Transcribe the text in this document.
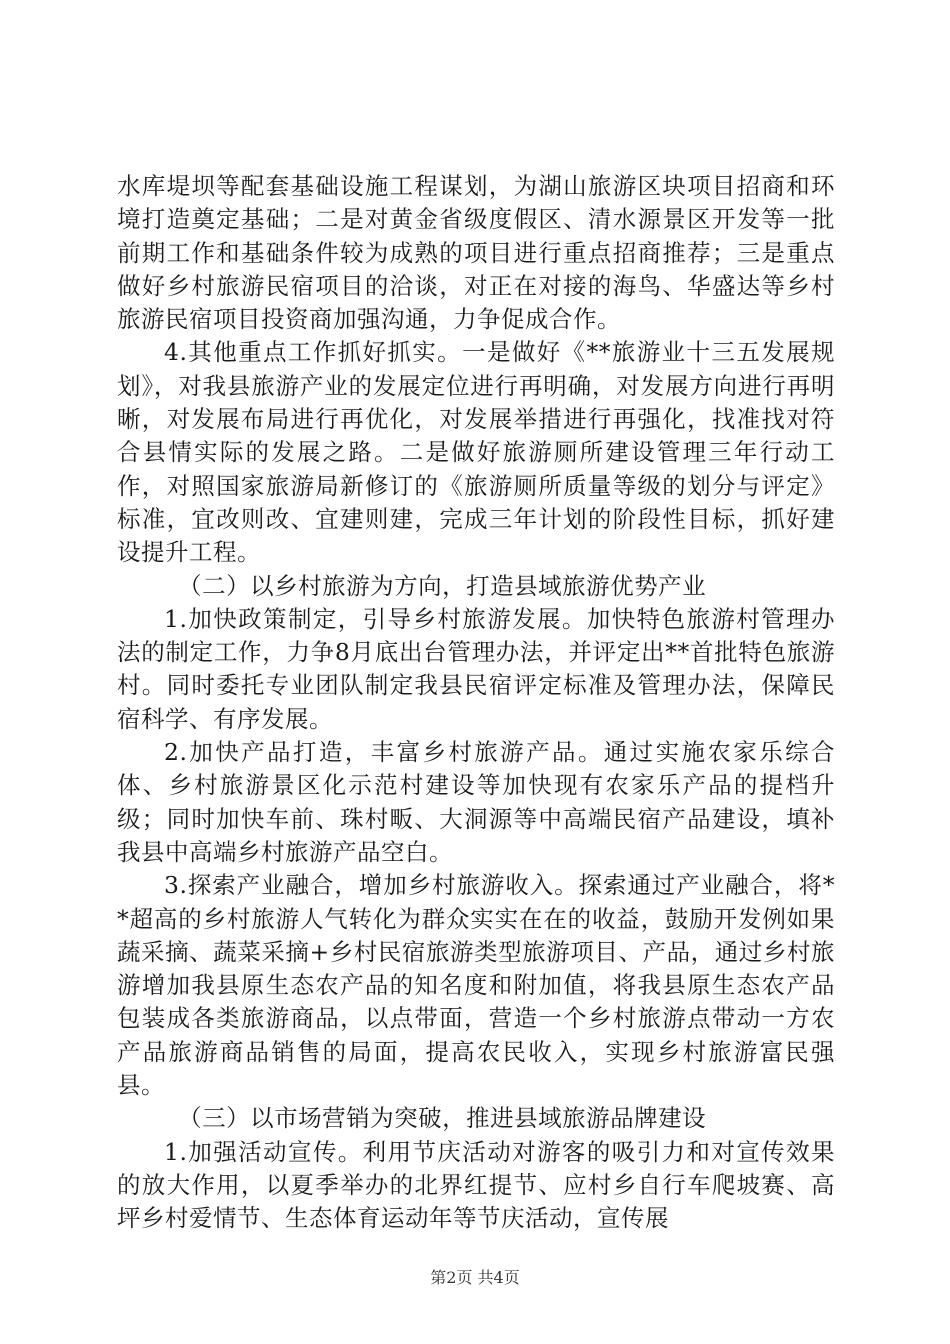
水库堤坝等配套基础设施工程谋划，为湖山旅游区块项目招商和环境打造奠定基础；二是对黄金省级度假区、清水源景区开发等一批前期工作和基础条件较为成熟的项目进行重点招商推荐；三是重点做好乡村旅游民宿项目的洽谈，对正在对接的海鸟、华盛达等乡村旅游民宿项目投资商加强沟通，力争促成合作。

4.其他重点工作抓好抓实。一是做好《**旅游业十三五发展规划》，对我县旅游产业的发展定位进行再明确，对发展方向进行再明晰，对发展布局进行再优化，对发展举措进行再强化，找准找对符合县情实际的发展之路。二是做好旅游厕所建设管理三年行动工作，对照国家旅游局新修订的《旅游厕所质量等级的划分与评定》标准，宜改则改、宜建则建，完成三年计划的阶段性目标，抓好建设提升工程。

（二）以乡村旅游为方向，打造县域旅游优势产业

1.加快政策制定，引导乡村旅游发展。加快特色旅游村管理办法的制定工作，力争8月底出台管理办法，并评定出**首批特色旅游村。同时委托专业团队制定我县民宿评定标准及管理办法，保障民宿科学、有序发展。

2.加快产品打造，丰富乡村旅游产品。通过实施农家乐综合体、乡村旅游景区化示范村建设等加快现有农家乐产品的提档升级；同时加快车前、珠村畈、大洞源等中高端民宿产品建设，填补我县中高端乡村旅游产品空白。

3.探索产业融合，增加乡村旅游收入。探索通过产业融合，将**超高的乡村旅游人气转化为群众实实在在的收益，鼓励开发例如果蔬采摘、蔬菜采摘+乡村民宿旅游类型旅游项目、产品，通过乡村旅游增加我县原生态农产品的知名度和附加值，将我县原生态农产品包装成各类旅游商品，以点带面，营造一个乡村旅游点带动一方农产品旅游商品销售的局面，提高农民收入，实现乡村旅游富民强县。

（三）以市场营销为突破，推进县域旅游品牌建设

1.加强活动宣传。利用节庆活动对游客的吸引力和对宣传效果的放大作用，以夏季举办的北界红提节、应村乡自行车爬坡赛、高坪乡村爱情节、生态体育运动年等节庆活动，宣传展

第2页 共4页
